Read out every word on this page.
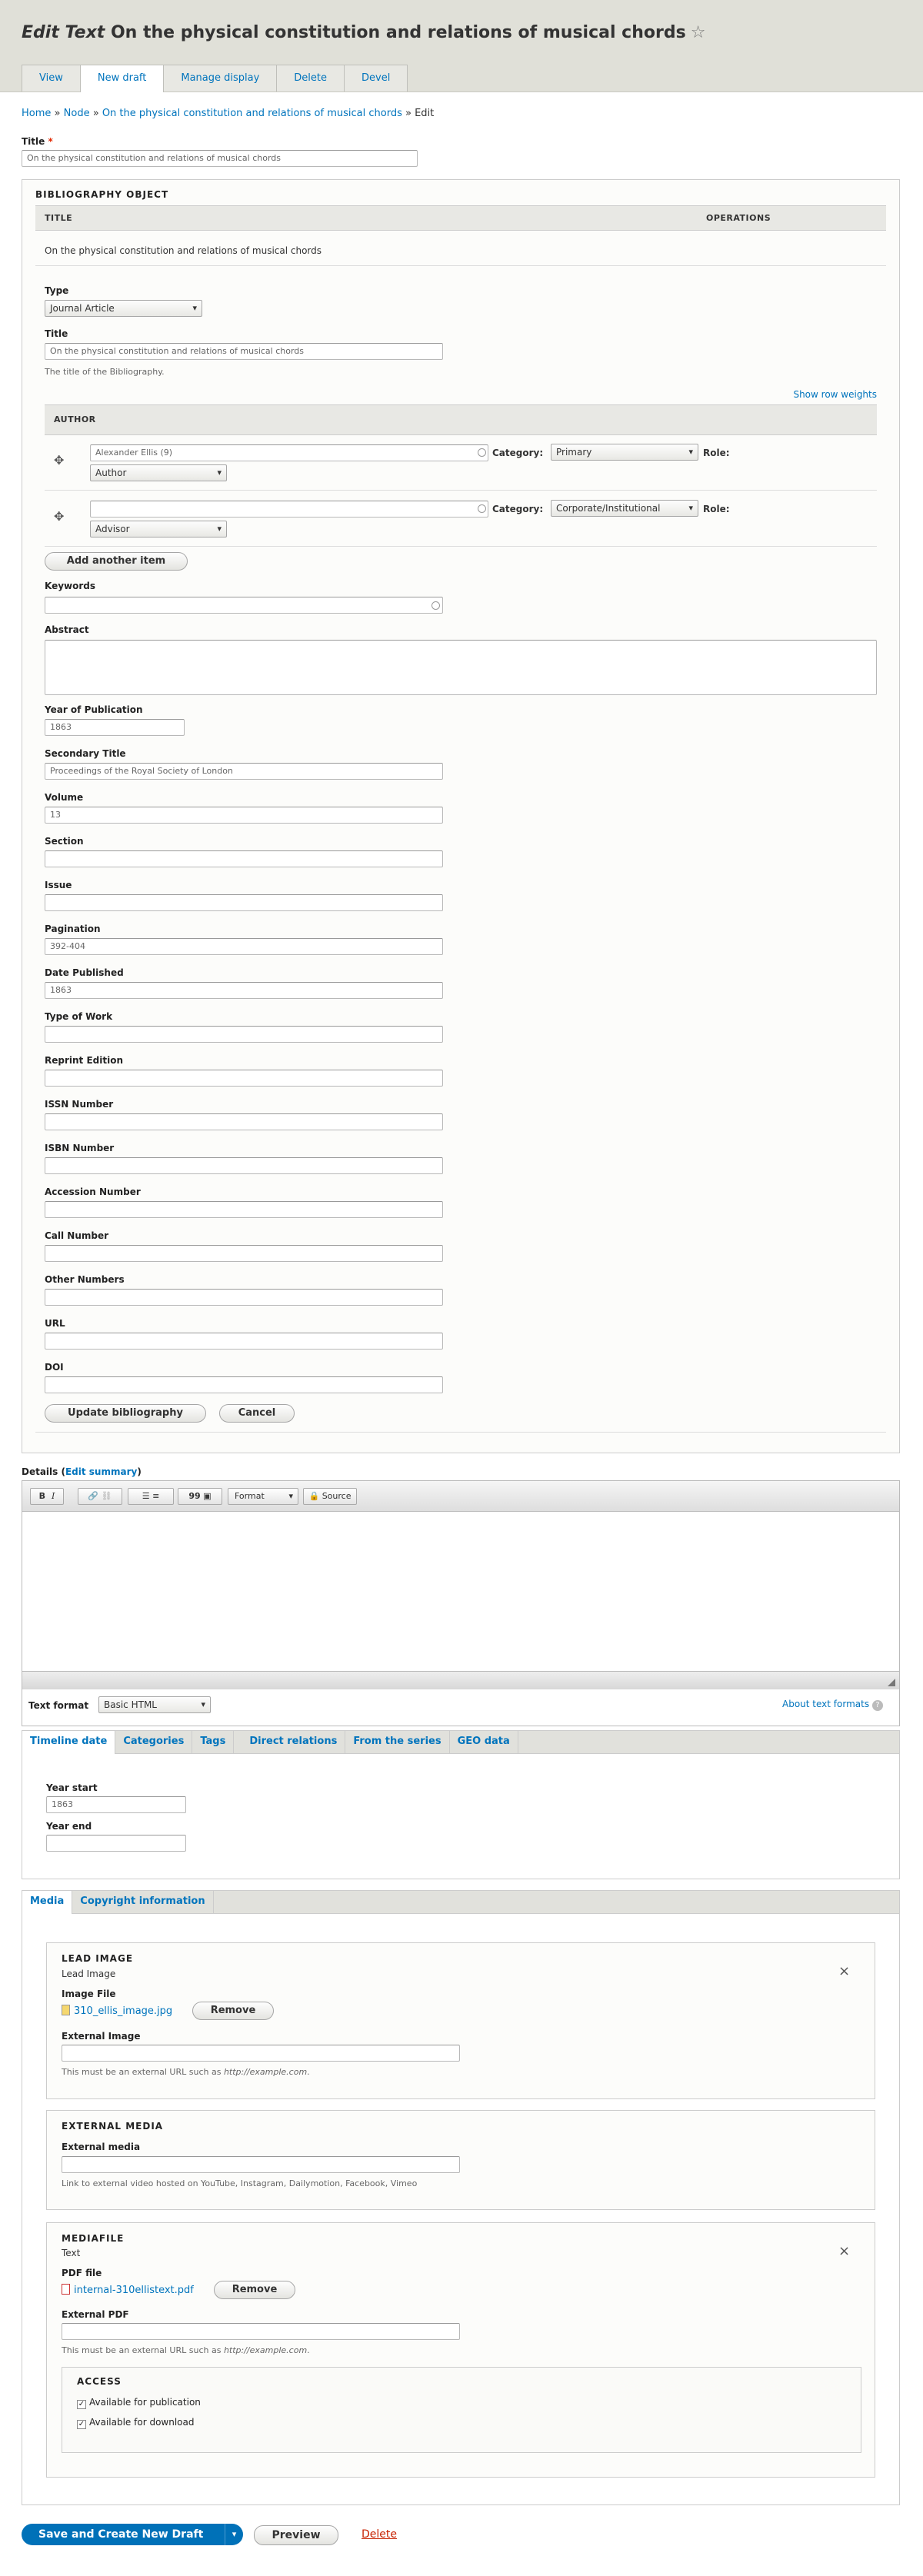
Edit Text On the physical constitution and relations of musical chords ☆
View	New draft	Manage display	Delete	Devel
Home » Node » On the physical constitution and relations of musical chords » Edit
Title *
On the physical constitution and relations of musical chords
BIBLIOGRAPHY OBJECT
TITLE	OPERATIONS
On the physical constitution and relations of musical chords
Type
Journal Article ▾
Title
On the physical constitution and relations of musical chords
The title of the Bibliography.
Show row weights
AUTHOR
✥
Alexander Ellis (9)	Category:	Primary ▾	Role:
Author ▾
✥	Category:	Corporate/Institutional ▾	Role:
Advisor ▾
Add another item
Keywords
Abstract
Year of Publication
1863
Secondary Title
Proceedings of the Royal Society of London
Volume
13
Section
Issue
Pagination
392-404
Date Published
1863
Type of Work
Reprint Edition
ISSN Number
ISBN Number
Accession Number
Call Number
Other Numbers
URL
DOI
Update bibliography	Cancel
Details (Edit summary)
B I	🔗 ⛓	☰ ≡	99 ▣	Format	▾	🔒 Source
Text format	Basic HTML ▾	About text formats ?
Timeline date	Categories	Tags	Direct relations	From the series	GEO data
Year start
1863
Year end
Media	Copyright information
LEAD IMAGE
Lead Image	×
Image File
310_ellis_image.jpg	Remove
External Image
This must be an external URL such as http://example.com.
EXTERNAL MEDIA
External media
Link to external video hosted on YouTube, Instagram, Dailymotion, Facebook, Vimeo
MEDIAFILE
Text	×
PDF file
internal-310ellistext.pdf	Remove
External PDF
This must be an external URL such as http://example.com.
ACCESS
✓ Available for publication
✓ Available for download
Save and Create New Draft	▾	Preview	Delete
